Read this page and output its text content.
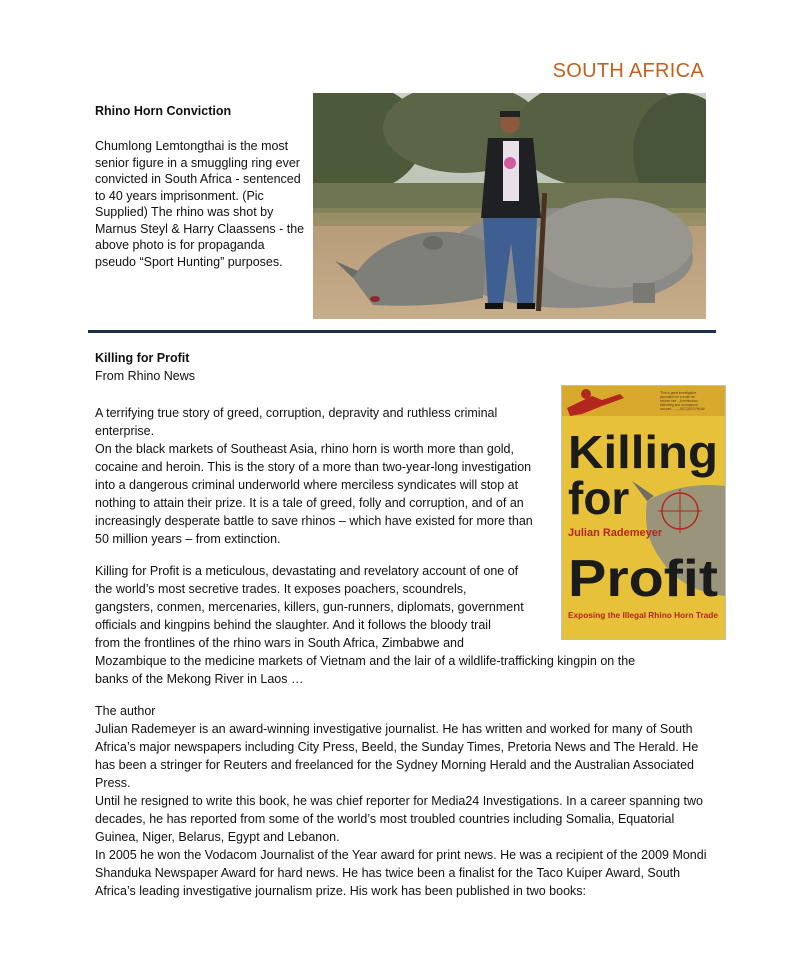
SOUTH AFRICA
Rhino Horn Conviction
Chumlong Lemtongthai is the most senior figure in a smuggling ring ever convicted in South Africa - sentenced to 40 years imprisonment. (Pic Supplied) The rhino was shot by Marnus Steyl & Harry Claassens - the above photo is for propaganda pseudo “Sport Hunting” purposes.
Killing for Profit
From Rhino News

A terrifying true story of greed, corruption, depravity and ruthless criminal enterprise.
On the black markets of Southeast Asia, rhino horn is worth more than gold, cocaine and heroin. This is the story of a more than two-year-long investigation into a dangerous criminal underworld where merciless syndicates will stop at nothing to attain their prize. It is a tale of greed, folly and corruption, and of an increasingly desperate battle to save rhinos – which have existed for more than 50 million years – from extinction.

Killing for Profit is a meticulous, devastating and revelatory account of one of
the world’s most secretive trades. It exposes poachers, scoundrels,
gangsters, conmen, mercenaries, killers, gun-runners, diplomats, government
officials and kingpins behind the slaughter. And it follows the bloody trail
from the frontlines of the rhino wars in South Africa, Zimbabwe and
Mozambique to the medicine markets of Vietnam and the lair of a wildlife-trafficking kingpin on the
banks of the Mekong River in Laos …

'This is great investigative journalism on a scale we seldom see... A meticulous, disturbing and courageous account...' — JACQUES PAUW
Killing
for
Julian Rademeyer
Profit
Exposing the Illegal Rhino Horn Trade

The author

Julian Rademeyer is an award-winning investigative journalist. He has written and worked for many of South Africa’s major newspapers including City Press, Beeld, the Sunday Times, Pretoria News and The Herald. He has been a stringer for Reuters and freelanced for the Sydney Morning Herald and the Australian Associated Press.

Until he resigned to write this book, he was chief reporter for Media24 Investigations. In a career spanning two decades, he has reported from some of the world’s most troubled countries including Somalia, Equatorial Guinea, Niger, Belarus, Egypt and Lebanon.

In 2005 he won the Vodacom Journalist of the Year award for print news. He was a recipient of the 2009 Mondi Shanduka Newspaper Award for hard news. He has twice been a finalist for the Taco Kuiper Award, South Africa’s leading investigative journalism prize. His work has been published in two books:
